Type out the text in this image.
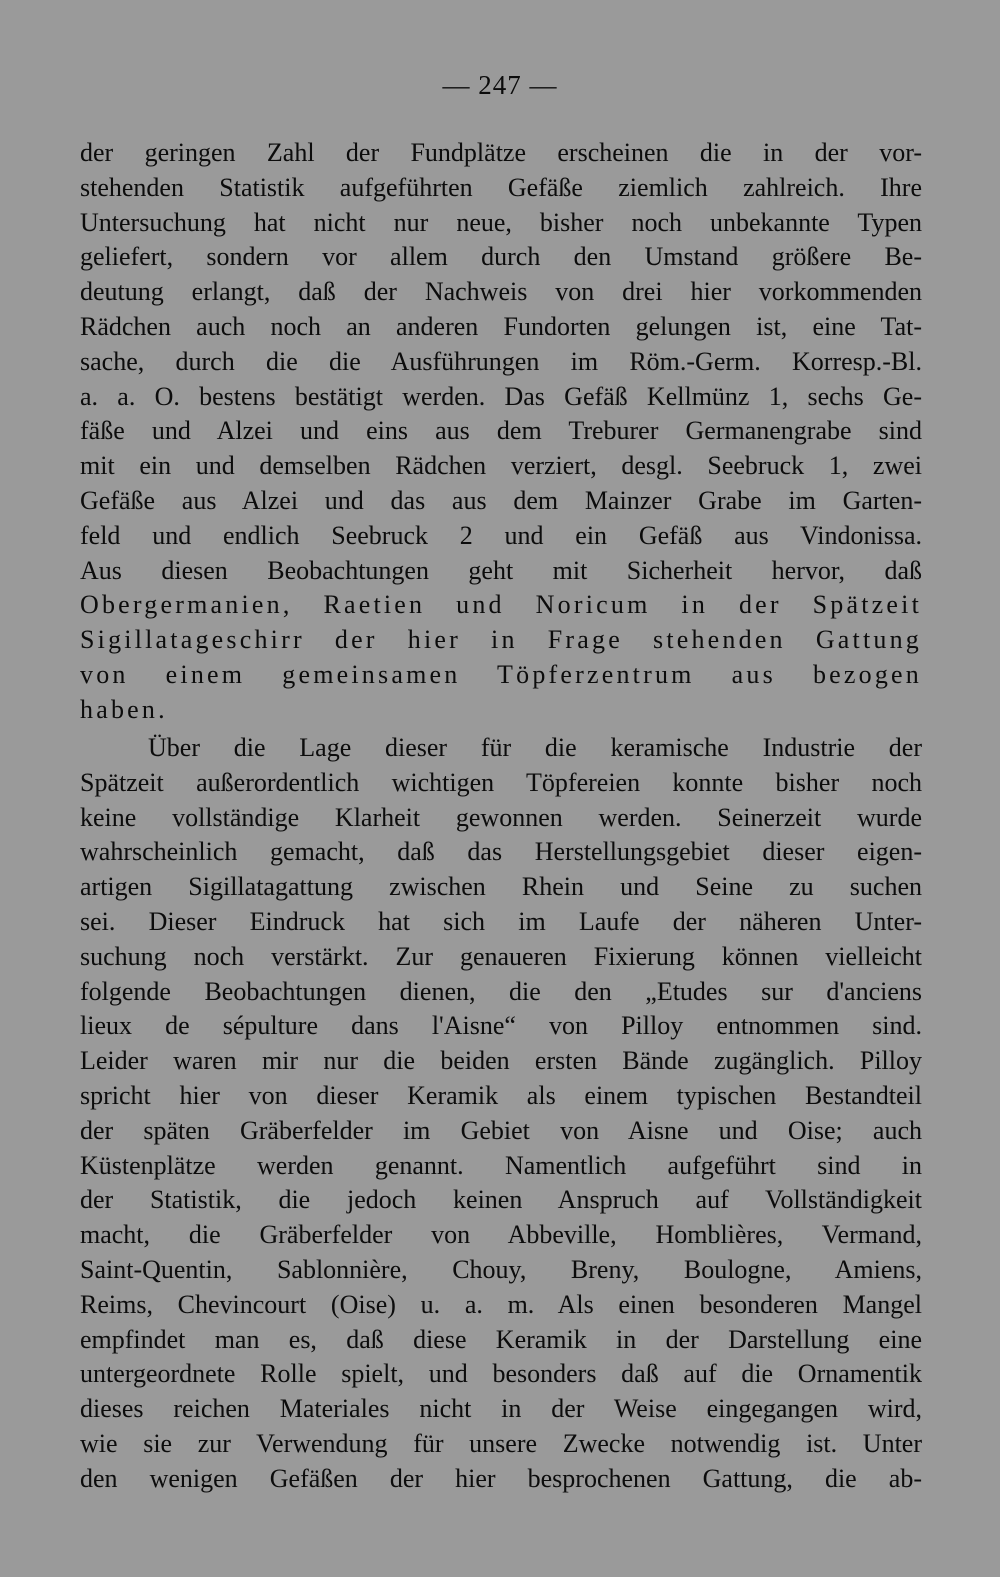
— 247 —
der geringen Zahl der Fundplätze erscheinen die in der vor-
stehenden Statistik aufgeführten Gefäße ziemlich zahlreich. Ihre
Untersuchung hat nicht nur neue, bisher noch unbekannte Typen
geliefert, sondern vor allem durch den Umstand größere Be-
deutung erlangt, daß der Nachweis von drei hier vorkommenden
Rädchen auch noch an anderen Fundorten gelungen ist, eine Tat-
sache, durch die die Ausführungen im Röm.-Germ. Korresp.-Bl.
a. a. O. bestens bestätigt werden. Das Gefäß Kellmünz 1, sechs Ge-
fäße und Alzei und eins aus dem Treburer Germanengrabe sind
mit ein und demselben Rädchen verziert, desgl. Seebruck 1, zwei
Gefäße aus Alzei und das aus dem Mainzer Grabe im Garten-
feld und endlich Seebruck 2 und ein Gefäß aus Vindonissa.
Aus diesen Beobachtungen geht mit Sicherheit hervor, daß
Obergermanien, Raetien und Noricum in der Spätzeit
Sigillatageschirr der hier in Frage stehenden Gattung
von einem gemeinsamen Töpferzentrum aus bezogen
haben.
Über die Lage dieser für die keramische Industrie der
Spätzeit außerordentlich wichtigen Töpfereien konnte bisher noch
keine vollständige Klarheit gewonnen werden. Seinerzeit wurde
wahrscheinlich gemacht, daß das Herstellungsgebiet dieser eigen-
artigen Sigillatagattung zwischen Rhein und Seine zu suchen
sei. Dieser Eindruck hat sich im Laufe der näheren Unter-
suchung noch verstärkt. Zur genaueren Fixierung können vielleicht
folgende Beobachtungen dienen, die den „Etudes sur d'anciens
lieux de sépulture dans l'Aisne“ von Pilloy entnommen sind.
Leider waren mir nur die beiden ersten Bände zugänglich. Pilloy
spricht hier von dieser Keramik als einem typischen Bestandteil
der späten Gräberfelder im Gebiet von Aisne und Oise; auch
Küstenplätze werden genannt. Namentlich aufgeführt sind in
der Statistik, die jedoch keinen Anspruch auf Vollständigkeit
macht, die Gräberfelder von Abbeville, Homblières, Vermand,
Saint-Quentin, Sablonnière, Chouy, Breny, Boulogne, Amiens,
Reims, Chevincourt (Oise) u. a. m. Als einen besonderen Mangel
empfindet man es, daß diese Keramik in der Darstellung eine
untergeordnete Rolle spielt, und besonders daß auf die Ornamentik
dieses reichen Materiales nicht in der Weise eingegangen wird,
wie sie zur Verwendung für unsere Zwecke notwendig ist. Unter
den wenigen Gefäßen der hier besprochenen Gattung, die ab-
